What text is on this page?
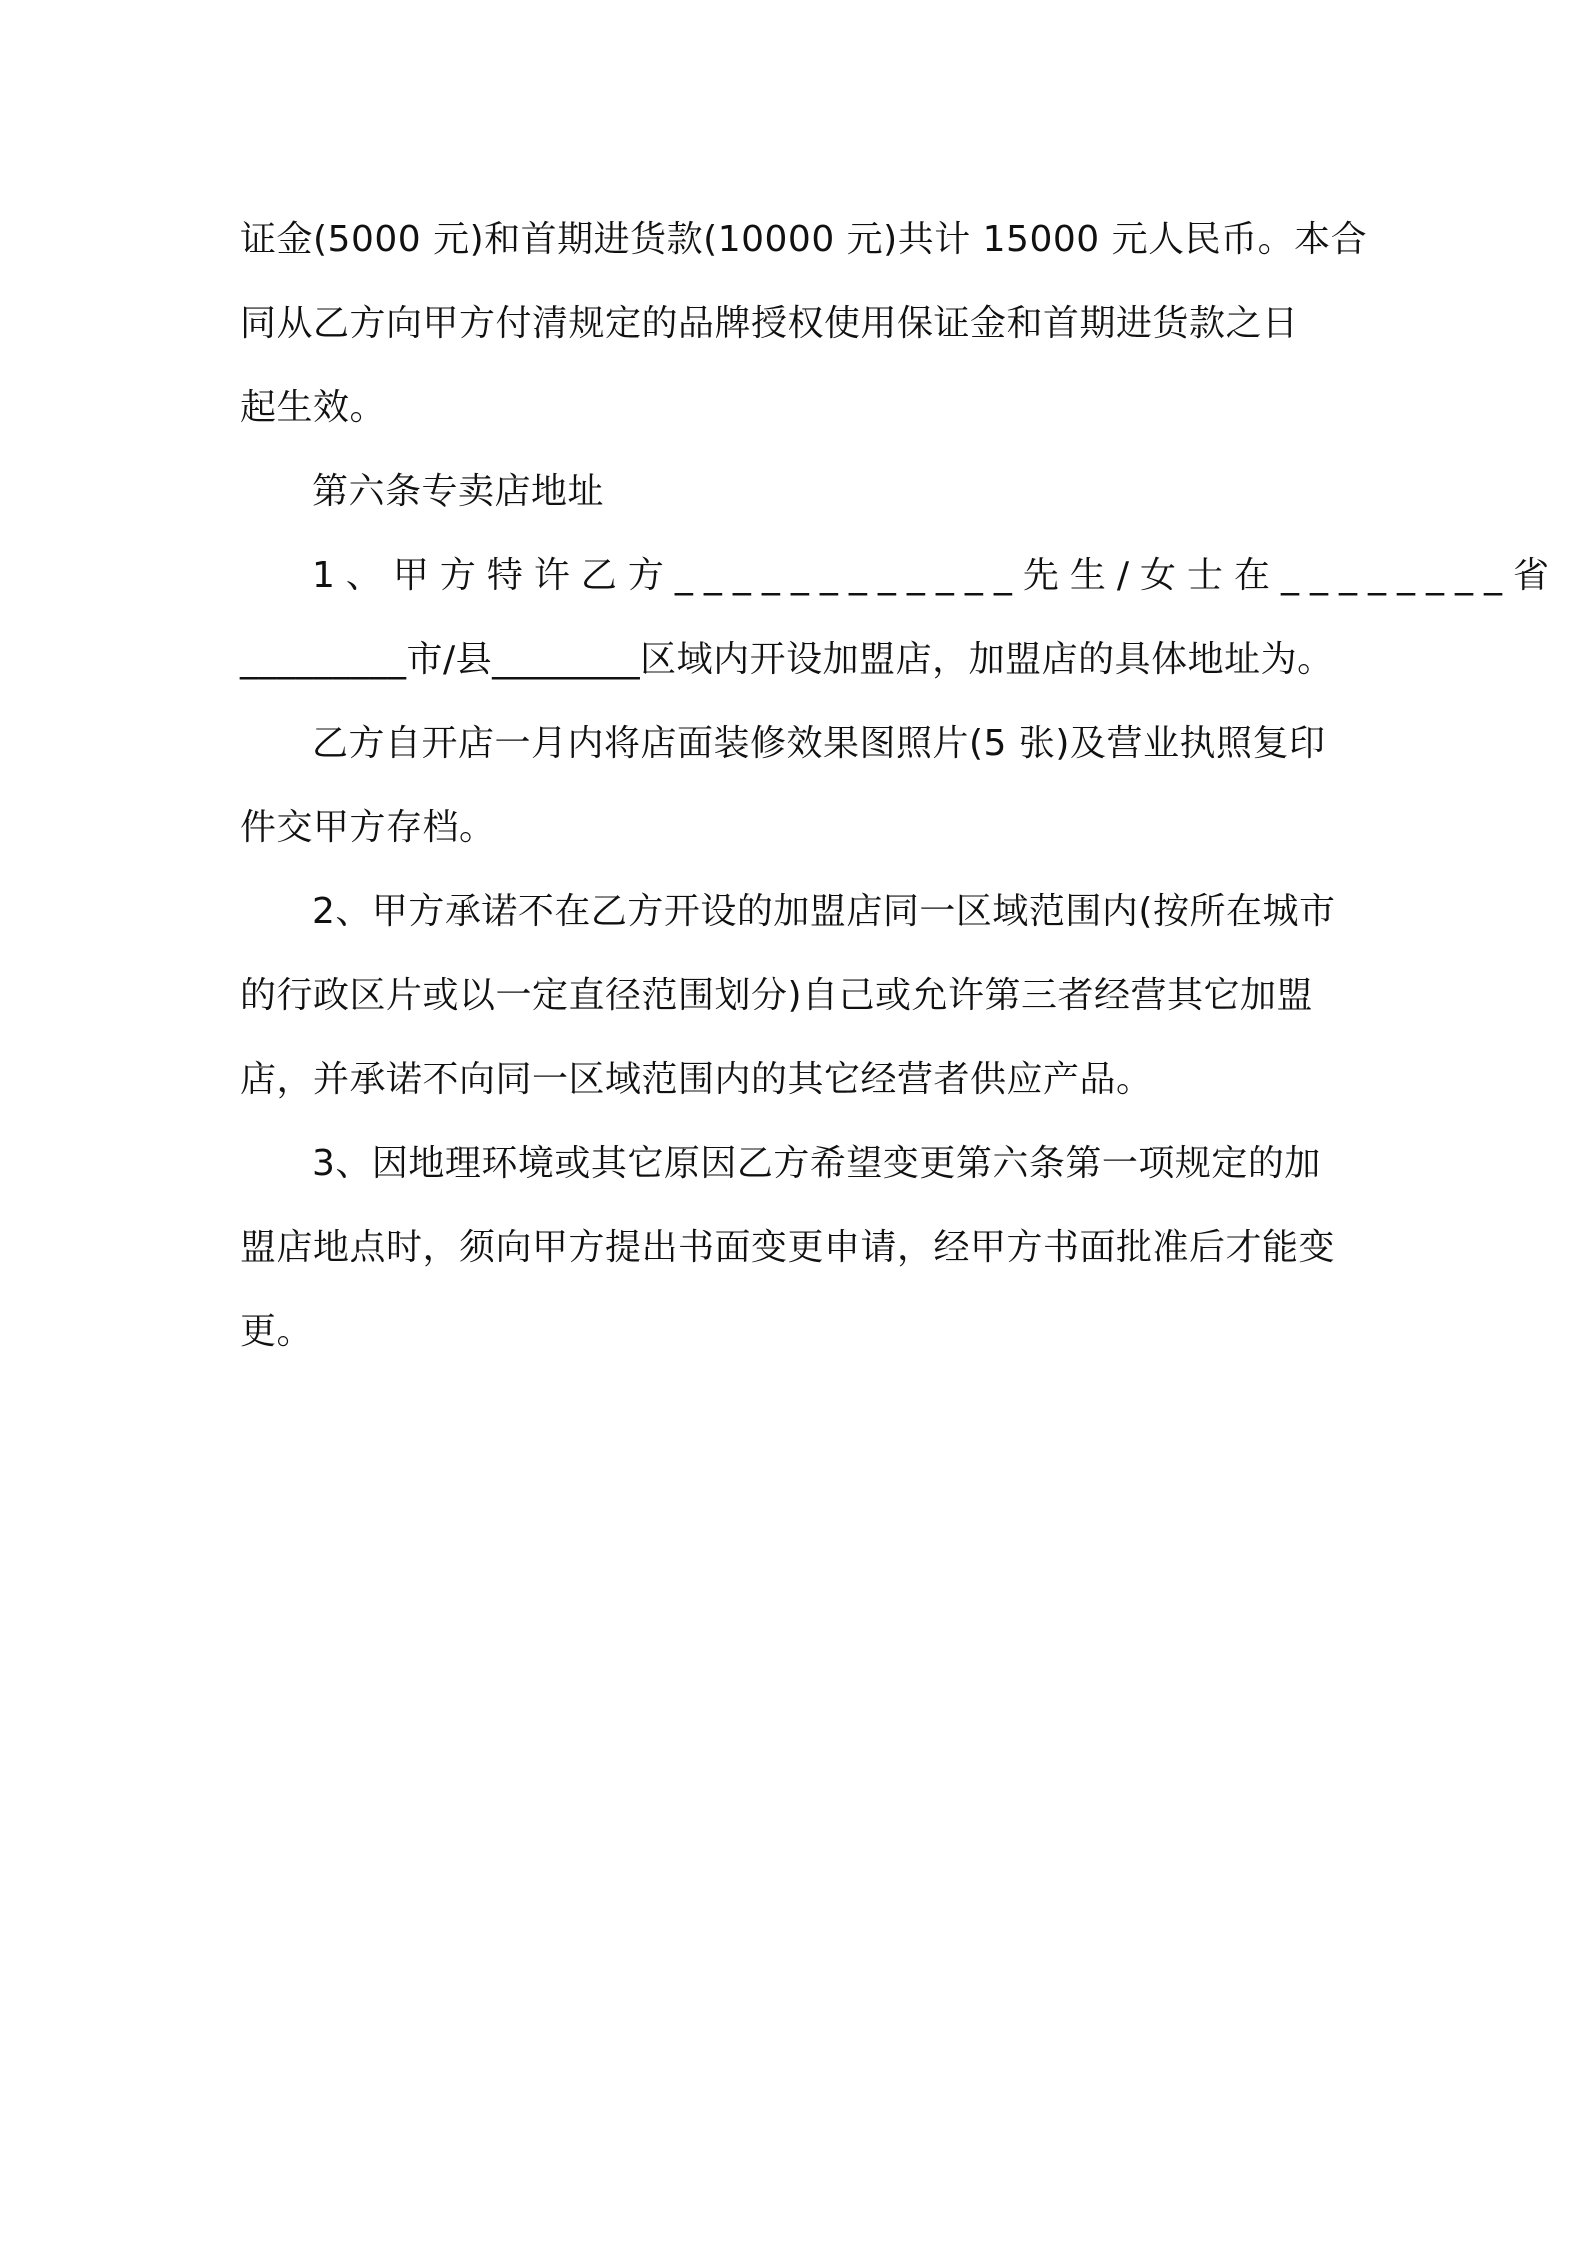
证金(5000 元)和首期进货款(10000 元)共计 15000 元人民币。本合
同从乙方向甲方付清规定的品牌授权使用保证金和首期进货款之日
起生效。

第六条专卖店地址

1、甲方特许乙方____________先生/女士在________省
_________市/县________区域内开设加盟店，加盟店的具体地址为。

乙方自开店一月内将店面装修效果图照片(5 张)及营业执照复印
件交甲方存档。

2、甲方承诺不在乙方开设的加盟店同一区域范围内(按所在城市
的行政区片或以一定直径范围划分)自己或允许第三者经营其它加盟
店，并承诺不向同一区域范围内的其它经营者供应产品。

3、因地理环境或其它原因乙方希望变更第六条第一项规定的加
盟店地点时，须向甲方提出书面变更申请，经甲方书面批准后才能变
更。
